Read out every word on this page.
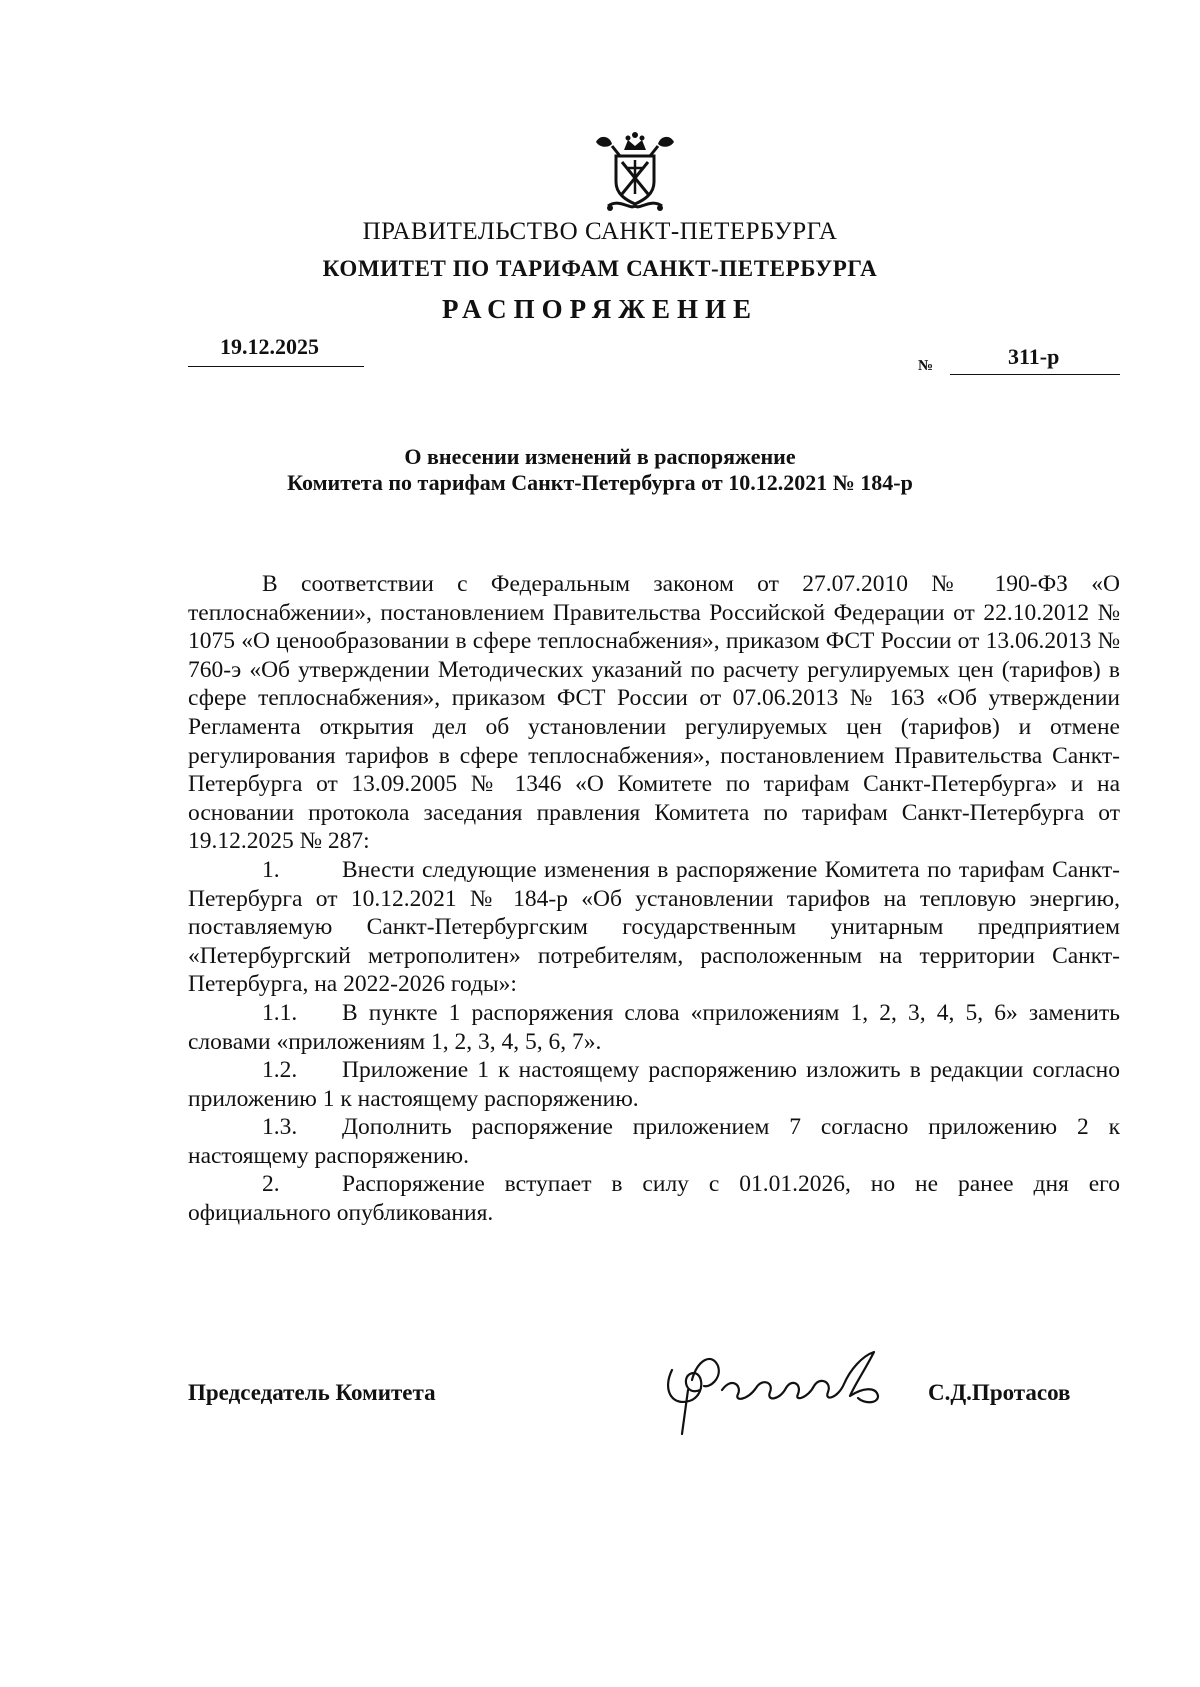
ПРАВИТЕЛЬСТВО САНКТ-ПЕТЕРБУРГА
КОМИТЕТ ПО ТАРИФАМ САНКТ-ПЕТЕРБУРГА
РАСПОРЯЖЕНИЕ
19.12.2025
№	311-р
О внесении изменений в распоряжение
Комитета по тарифам Санкт-Петербурга от 10.12.2021 № 184-р

В соответствии с Федеральным законом от 27.07.2010 № 190-ФЗ «О теплоснабжении», постановлением Правительства Российской Федерации от 22.10.2012 № 1075 «О ценообразовании в сфере теплоснабжения», приказом ФСТ России от 13.06.2013 № 760-э «Об утверждении Методических указаний по расчету регулируемых цен (тарифов) в сфере теплоснабжения», приказом ФСТ России от 07.06.2013 № 163 «Об утверждении Регламента открытия дел об установлении регулируемых цен (тарифов) и отмене регулирования тарифов в сфере теплоснабжения», постановлением Правительства Санкт-Петербурга от 13.09.2005 № 1346 «О Комитете по тарифам Санкт-Петербурга» и на основании протокола заседания правления Комитета по тарифам Санкт-Петербурга от 19.12.2025 № 287:

1.	Внести следующие изменения в распоряжение Комитета по тарифам Санкт-Петербурга от 10.12.2021 № 184-р «Об установлении тарифов на тепловую энергию, поставляемую Санкт-Петербургским государственным унитарным предприятием «Петербургский метрополитен» потребителям, расположенным на территории Санкт-Петербурга, на 2022-2026 годы»:

1.1. В пункте 1 распоряжения слова «приложениям 1, 2, 3, 4, 5, 6» заменить словами «приложениям 1, 2, 3, 4, 5, 6, 7».

1.2. Приложение 1 к настоящему распоряжению изложить в редакции согласно приложению 1 к настоящему распоряжению.

1.3. Дополнить распоряжение приложением 7 согласно приложению 2 к настоящему распоряжению.

2.	Распоряжение вступает в силу с 01.01.2026, но не ранее дня его официального опубликования.

Председатель Комитета	С.Д.Протасов
